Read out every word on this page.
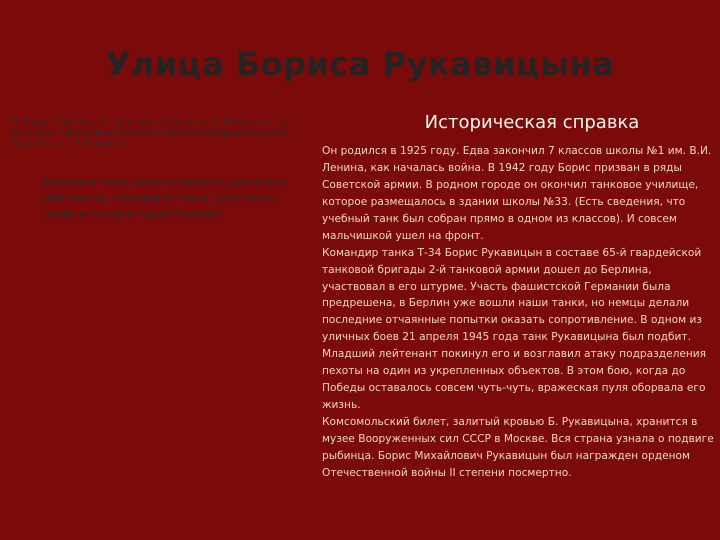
Улица Бориса Рукавицына
Ул. Бориса Рукавицына, Ярославл. Начинается от Слевская ул. до Вагоновая, переходящий проспект Сергея Сергеевича Маторина, проспект у ул. Набережная.
Названа в честь нашего земляка, младшего лейтенанта, командира танка, героически погибшего при штурме Берлина.
Историческая справка

Он родился в 1925 году. Едва закончил 7 классов школы №1 им. В.И. Ленина, как началась война. В 1942 году Борис призван в ряды Советской армии. В родном городе он окончил танковое училище, которое размещалось в здании школы №33. (Есть сведения, что учебный танк был собран прямо в одном из классов). И совсем мальчишкой ушел на фронт.

Командир танка Т-34 Борис Рукавицын в составе 65-й гвардейской танковой бригады 2-й танковой армии дошел до Берлина, участвовал в его штурме. Участь фашистской Германии была предрешена, в Берлин уже вошли наши танки, но немцы делали последние отчаянные попытки оказать сопротивление. В одном из уличных боев 21 апреля 1945 года танк Рукавицына был подбит. Младший лейтенант покинул его и возглавил атаку подразделения пехоты на один из укрепленных объектов. В этом бою, когда до Победы оставалось совсем чуть-чуть, вражеская пуля оборвала его жизнь.

Комсомольский билет, залитый кровью Б. Рукавицына, хранится в музее Вооруженных сил СССР в Москве. Вся страна узнала о подвиге рыбинца. Борис Михайлович Рукавицын был награжден орденом Отечественной войны II степени посмертно.
